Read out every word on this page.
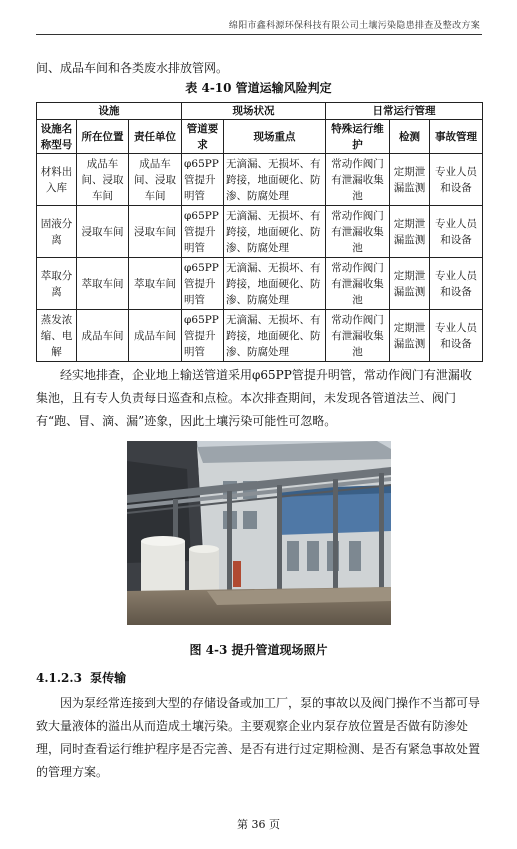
绵阳市鑫科源环保科技有限公司土壤污染隐患排查及整改方案
间、成品车间和各类废水排放管网。
表 4-10 管道运输风险判定
设施			现场状况		日常运行管理		
设施名称型号	所在位置	责任单位	管道要求	现场重点	特殊运行维护	检测	事故管理
材料出入库	成品车间、浸取车间	成品车间、浸取车间	φ65PP管提升明管	无滴漏、无损坏、有跨接，地面硬化、防渗、防腐处理	常动作阀门有泄漏收集池	定期泄漏监测	专业人员和设备
固液分离	浸取车间	浸取车间	φ65PP管提升明管	无滴漏、无损坏、有跨接，地面硬化、防渗、防腐处理	常动作阀门有泄漏收集池	定期泄漏监测	专业人员和设备
萃取分离	萃取车间	萃取车间	φ65PP管提升明管	无滴漏、无损坏、有跨接，地面硬化、防渗、防腐处理	常动作阀门有泄漏收集池	定期泄漏监测	专业人员和设备
蒸发浓缩、电解	成品车间	成品车间	φ65PP管提升明管	无滴漏、无损坏、有跨接，地面硬化、防渗、防腐处理	常动作阀门有泄漏收集池	定期泄漏监测	专业人员和设备
经实地排查，企业地上输送管道采用φ65PP管提升明管，常动作阀门有泄漏收集池，且有专人负责每日巡查和点检。本次排查期间，未发现各管道法兰、阀门有“跑、冒、滴、漏”迹象，因此土壤污染可能性可忽略。
图 4-3 提升管道现场照片
4.1.2.3 泵传输
因为泵经常连接到大型的存储设备或加工厂，泵的事故以及阀门操作不当都可导致大量液体的溢出从而造成土壤污染。主要观察企业内泵存放位置是否做有防渗处理，同时查看运行维护程序是否完善、是否有进行过定期检测、是否有紧急事故处置的管理方案。
第 36 页
